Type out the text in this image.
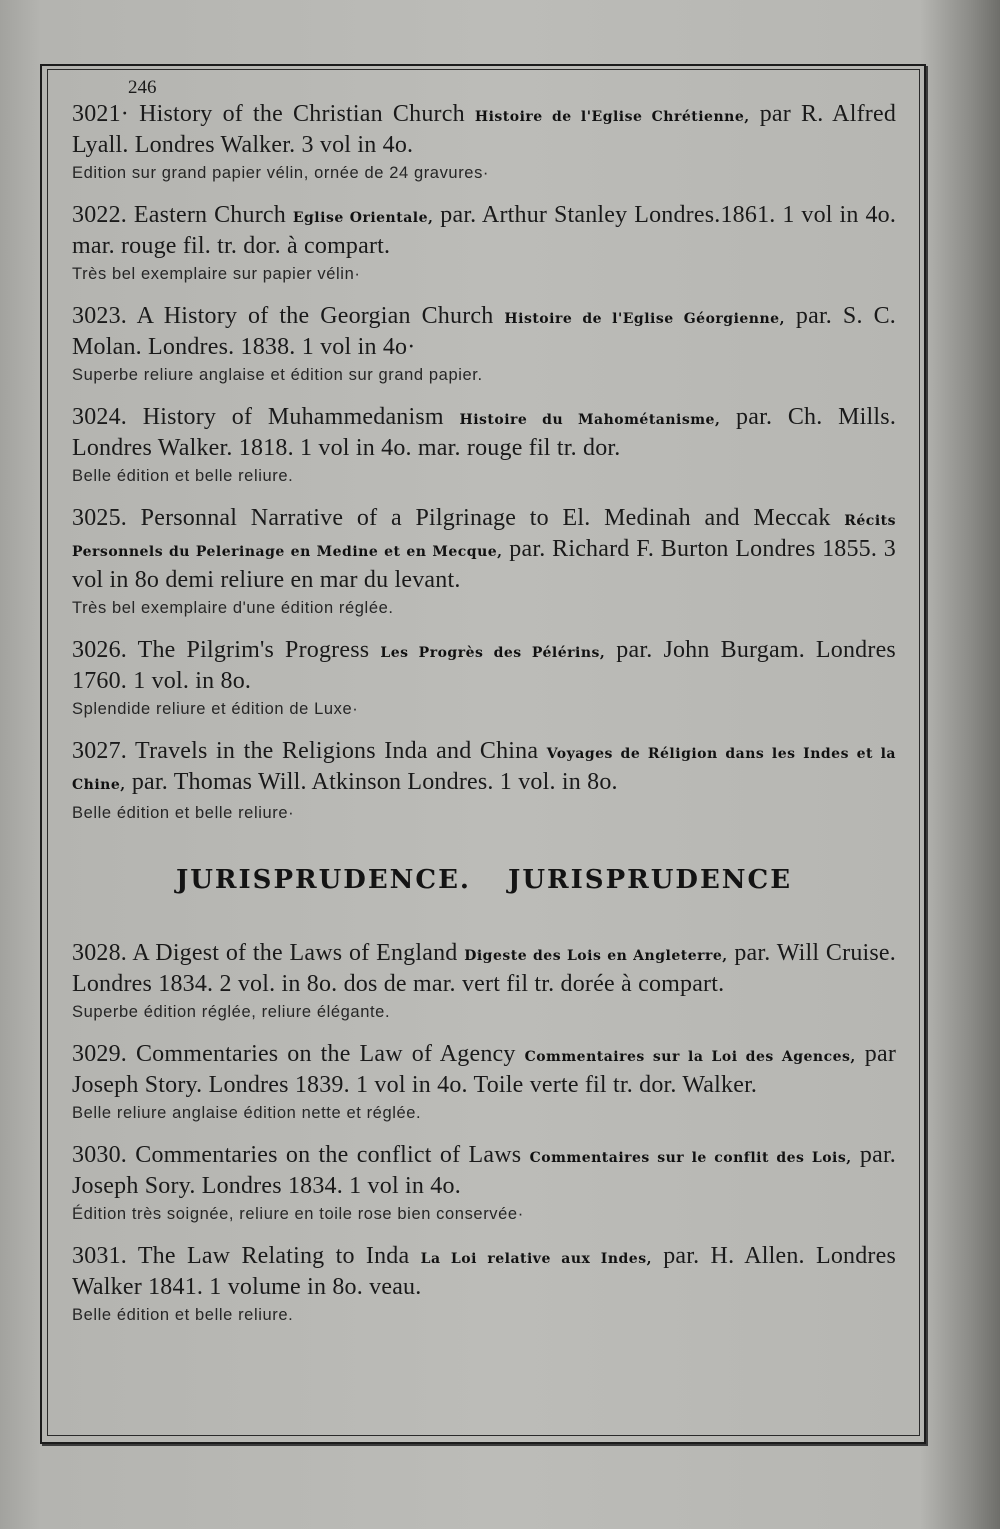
246
3021· History of the Christian Church Histoire de l'Eglise Chrétienne, par R. Alfred Lyall. Londres Walker. 3 vol in 4o.
Edition sur grand papier vélin, ornée de 24 gravures·
3022. Eastern Church Eglise Orientale, par. Arthur Stanley Londres.1861. 1 vol in 4o. mar. rouge fil. tr. dor. à compart.
Très bel exemplaire sur papier vélin·
3023. A History of the Georgian Church Histoire de l'Eglise Géorgienne, par. S. C. Molan. Londres. 1838. 1 vol in 4o·
Superbe reliure anglaise et édition sur grand papier.
3024. History of Muhammedanism Histoire du Mahométanisme, par. Ch. Mills. Londres Walker. 1818. 1 vol in 4o. mar. rouge fil tr. dor.
Belle édition et belle reliure.
3025. Personnal Narrative of a Pilgrinage to El. Medinah and Meccak Récits Personnels du Pelerinage en Medine et en Mecque, par. Richard F. Burton Londres 1855. 3 vol in 8o demi reliure en mar du levant.
Très bel exemplaire d'une édition réglée.
3026. The Pilgrim's Progress Les Progrès des Pélérins, par. John Burgam. Londres 1760. 1 vol. in 8o.
Splendide reliure et édition de Luxe·
3027. Travels in the Religions Inda and China Voyages de Réligion dans les Indes et la Chine, par. Thomas Will. Atkinson Londres. 1 vol. in 8o.
Belle édition et belle reliure·
JURISPRUDENCE. JURISPRUDENCE
3028. A Digest of the Laws of England Digeste des Lois en Angleterre, par. Will Cruise. Londres 1834. 2 vol. in 8o. dos de mar. vert fil tr. dorée à compart.
Superbe édition réglée, reliure élégante.
3029. Commentaries on the Law of Agency Commentaires sur la Loi des Agences, par Joseph Story. Londres 1839. 1 vol in 4o. Toile verte fil tr. dor. Walker.
Belle reliure anglaise édition nette et réglée.
3030. Commentaries on the conflict of Laws Commentaires sur le conflit des Lois, par. Joseph Sory. Londres 1834. 1 vol in 4o.
Édition très soignée, reliure en toile rose bien conservée·
3031. The Law Relating to Inda La Loi relative aux Indes, par. H. Allen. Londres Walker 1841. 1 volume in 8o. veau.
Belle édition et belle reliure.
